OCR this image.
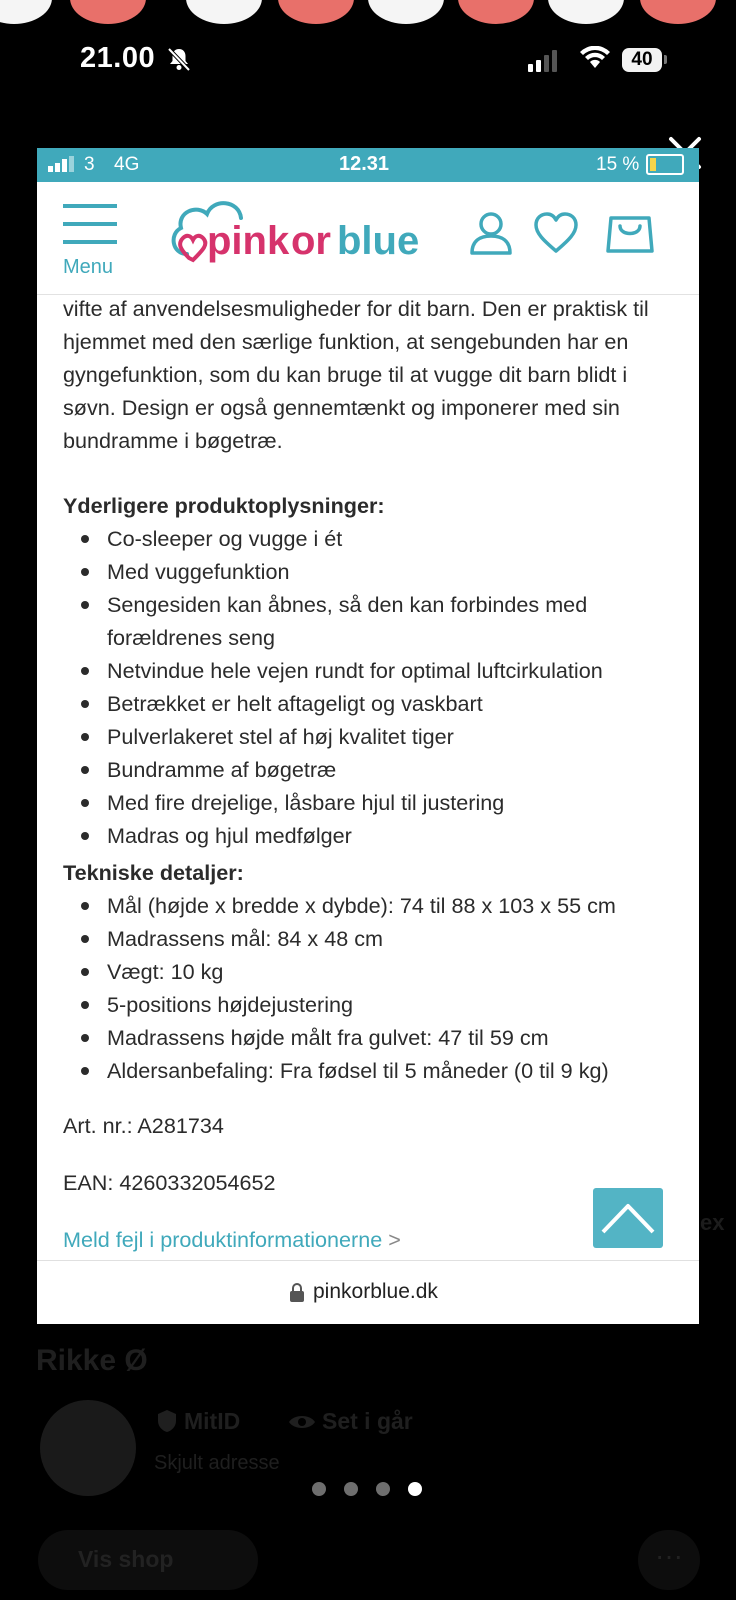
21.00	40
3 4G	12.31	15 %
Menu
pink or blue

vifte af anvendelsesmuligheder for dit barn. Den er praktisk til hjemmet med den særlige funktion, at sengebunden har en gyngefunktion, som du kan bruge til at vugge dit barn blidt i søvn. Design er også gennemtænkt og imponerer med sin bundramme i bøgetræ.

Yderligere produktoplysninger:

Co-sleeper og vugge i ét
Med vuggefunktion
Sengesiden kan åbnes, så den kan forbindes med forældrenes seng
Netvindue hele vejen rundt for optimal luftcirkulation
Betrækket er helt aftageligt og vaskbart
Pulverlakeret stel af høj kvalitet tiger
Bundramme af bøgetræ
Med fire drejelige, låsbare hjul til justering
Madras og hjul medfølger

Tekniske detaljer:

Mål (højde x bredde x dybde): 74 til 88 x 103 x 55 cm
Madrassens mål: 84 x 48 cm
Vægt: 10 kg
5-positions højdejustering
Madrassens højde målt fra gulvet: 47 til 59 cm
Aldersanbefaling: Fra fødsel til 5 måneder (0 til 9 kg)

Art. nr.: A281734

EAN: 4260332054652

Meld fejl i produktinformationerne >

pinkorblue.dk
ex
Rikke Ø
MitID	Set i går
Skjult adresse
Vis shop	···
